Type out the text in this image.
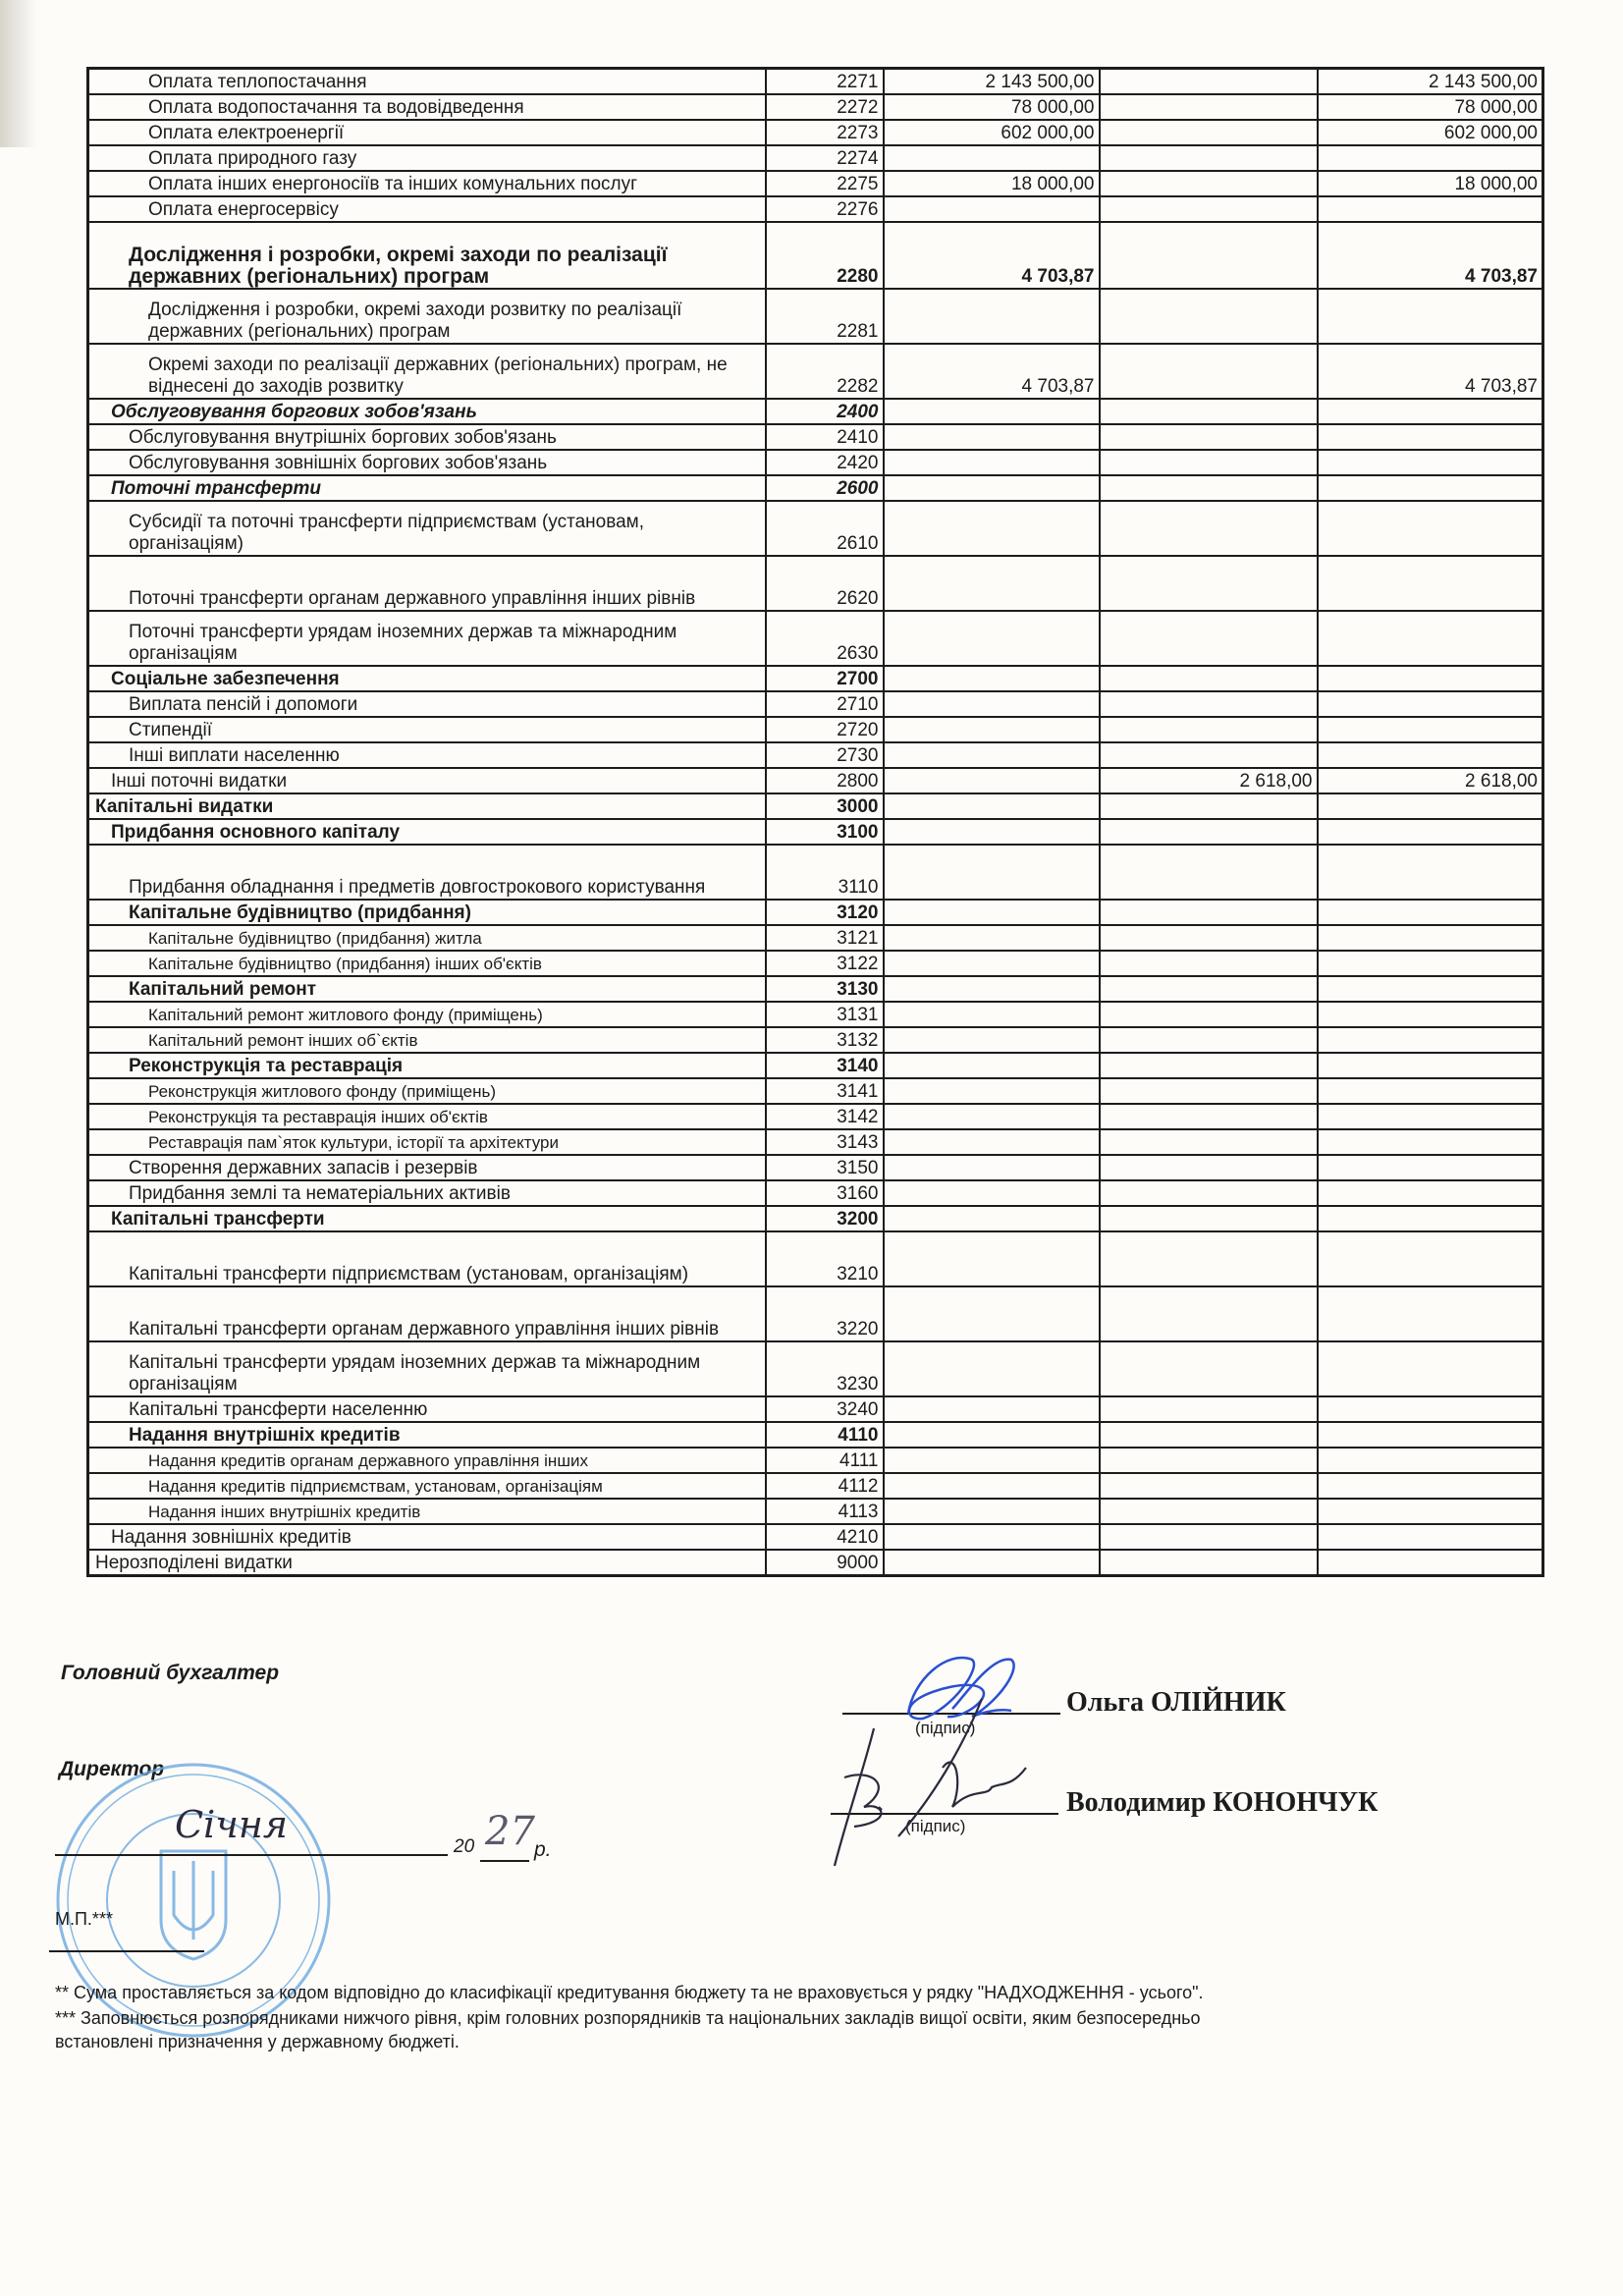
Оплата теплопостачання	2271	2 143 500,00		2 143 500,00
Оплата водопостачання та водовідведення	2272	78 000,00		78 000,00
Оплата електроенергії	2273	602 000,00		602 000,00
Оплата природного газу	2274			
Оплата інших енергоносіїв та інших комунальних послуг	2275	18 000,00		18 000,00
Оплата енергосервісу	2276			
Дослідження і розробки, окремі заходи по реалізації державних (регіональних) програм	2280	4 703,87		4 703,87
Дослідження і розробки, окремі заходи розвитку по реалізації державних (регіональних) програм	2281			
Окремі заходи по реалізації державних (регіональних) програм, не віднесені до заходів розвитку	2282	4 703,87		4 703,87
Обслуговування боргових зобов'язань	2400			
Обслуговування внутрішніх боргових зобов'язань	2410			
Обслуговування зовнішніх боргових зобов'язань	2420			
Поточні трансферти	2600			
Субсидії та поточні трансферти підприємствам (установам, організаціям)	2610			
Поточні трансферти органам державного управління інших рівнів	2620			
Поточні трансферти урядам іноземних держав та міжнародним організаціям	2630			
Соціальне забезпечення	2700			
Виплата пенсій і допомоги	2710			
Стипендії	2720			
Інші виплати населенню	2730			
Інші поточні видатки	2800		2 618,00	2 618,00
Капітальні видатки	3000			
Придбання основного капіталу	3100			
Придбання обладнання і предметів довгострокового користування	3110			
Капітальне будівництво (придбання)	3120			
Капітальне будівництво (придбання) житла	3121			
Капітальне будівництво (придбання) інших об'єктів	3122			
Капітальний ремонт	3130			
Капітальний ремонт житлового фонду (приміщень)	3131			
Капітальний ремонт інших об`єктів	3132			
Реконструкція та реставрація	3140			
Реконструкція житлового фонду (приміщень)	3141			
Реконструкція та реставрація інших об'єктів	3142			
Реставрація пам`яток культури, історії та архітектури	3143			
Створення державних запасів і резервів	3150			
Придбання землі та нематеріальних активів	3160			
Капітальні трансферти	3200			
Капітальні трансферти підприємствам (установам, організаціям)	3210			
Капітальні трансферти органам державного управління інших рівнів	3220			
Капітальні трансферти урядам іноземних держав та міжнародним організаціям	3230			
Капітальні трансферти населенню	3240			
Надання внутрішніх кредитів	4110			
Надання кредитів органам державного управління інших	4111			
Надання кредитів підприємствам, установам, організаціям	4112			
Надання інших внутрішніх кредитів	4113			
Надання зовнішніх кредитів	4210			
Нерозподілені видатки	9000			
Головний бухгалтер
Директор
(підпис)
Ольга ОЛІЙНИК
(підпис)
Володимир КОНОНЧУК
Січня
20 27 р.
М.П.***
** Сума проставляється за кодом відповідно до класифікації кредитування бюджету та не враховується у рядку "НАДХОДЖЕННЯ - усього".
*** Заповнюється розпорядниками нижчого рівня, крім головних розпорядників та національних закладів вищої освіти, яким безпосередньо
встановлені призначення у державному бюджеті.
